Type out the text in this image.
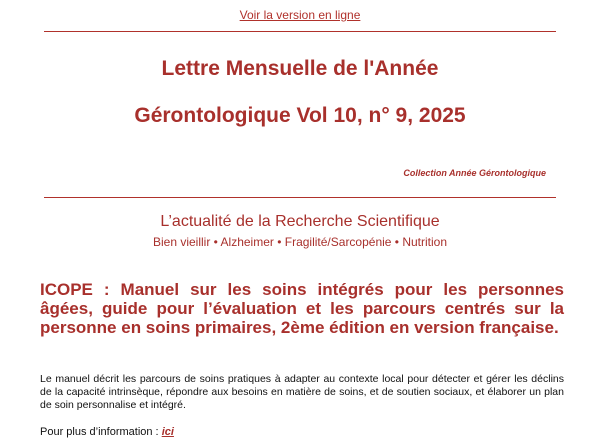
Voir la version en ligne
Lettre Mensuelle de l'Année
Gérontologique Vol 10, n° 9, 2025
Collection Année Gérontologique
L’actualité de la Recherche Scientifique
Bien vieillir • Alzheimer • Fragilité/Sarcopénie • Nutrition
ICOPE : Manuel sur les soins intégrés pour les personnes âgées, guide pour l’évaluation et les parcours centrés sur la personne en soins primaires, 2ème édition en version française.
Le manuel décrit les parcours de soins pratiques à adapter au contexte local pour détecter et gérer les déclins de la capacité intrinsèque, répondre aux besoins en matière de soins, et de soutien sociaux, et élaborer un plan de soin personnalise et intégré.
Pour plus d’information : ici
